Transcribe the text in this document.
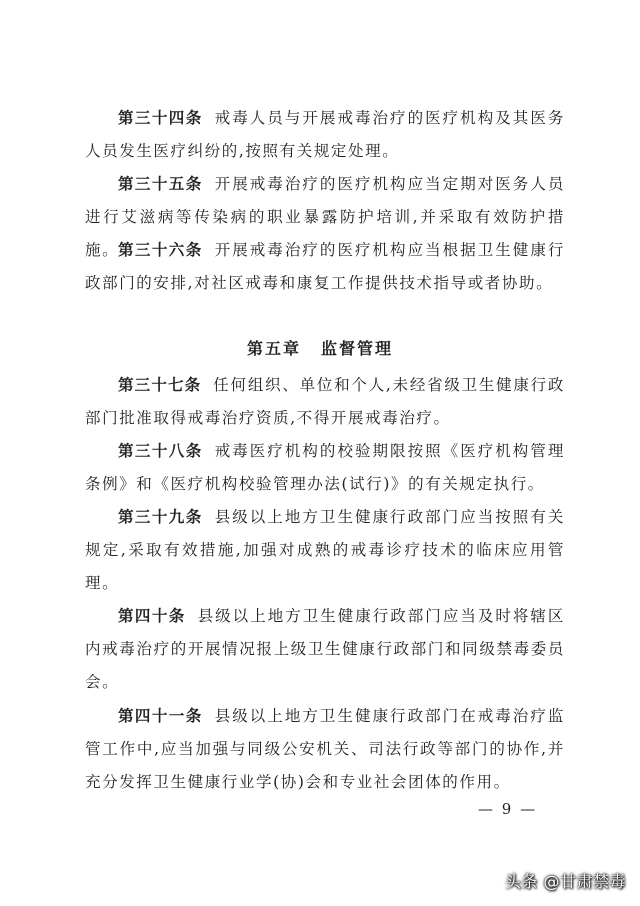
第三十四条 戒毒人员与开展戒毒治疗的医疗机构及其医务人员发生医疗纠纷的,按照有关规定处理。
第三十五条 开展戒毒治疗的医疗机构应当定期对医务人员进行艾滋病等传染病的职业暴露防护培训,并采取有效防护措施。
第三十六条 开展戒毒治疗的医疗机构应当根据卫生健康行政部门的安排,对社区戒毒和康复工作提供技术指导或者协助。
第五章 监督管理
第三十七条 任何组织、单位和个人,未经省级卫生健康行政部门批准取得戒毒治疗资质,不得开展戒毒治疗。
第三十八条 戒毒医疗机构的校验期限按照《医疗机构管理条例》和《医疗机构校验管理办法(试行)》的有关规定执行。
第三十九条 县级以上地方卫生健康行政部门应当按照有关规定,采取有效措施,加强对成熟的戒毒诊疗技术的临床应用管理。
第四十条 县级以上地方卫生健康行政部门应当及时将辖区内戒毒治疗的开展情况报上级卫生健康行政部门和同级禁毒委员会。
第四十一条 县级以上地方卫生健康行政部门在戒毒治疗监管工作中,应当加强与同级公安机关、司法行政等部门的协作,并充分发挥卫生健康行业学(协)会和专业社会团体的作用。
— 9 —
头条 @甘肃禁毒
